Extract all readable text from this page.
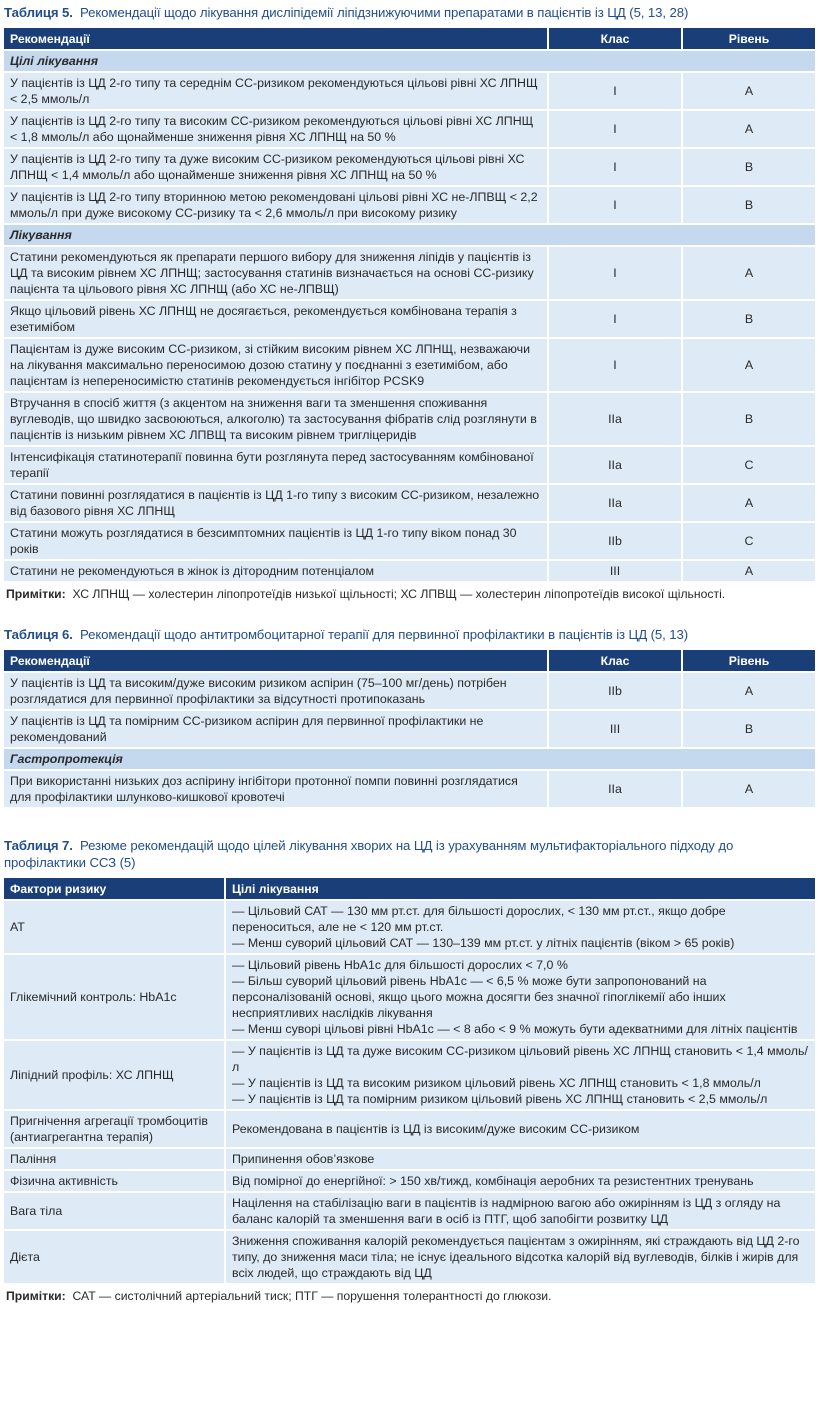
Таблиця 5. Рекомендації щодо лікування дисліпідемії ліпідзнижуючими препаратами в пацієнтів із ЦД (5, 13, 28)
Рекомендації		Клас		Рівень
Цілі лікування				
У пацієнтів із ЦД 2-го типу та середнім СС-ризиком рекомендуються цільові рівні ХС ЛПНЩ < 2,5 ммоль/л		I		A
У пацієнтів із ЦД 2-го типу та високим СС-ризиком рекомендуються цільові рівні ХС ЛПНЩ < 1,8 ммоль/л або щонайменше зниження рівня ХС ЛПНЩ на 50 %		I		A
У пацієнтів із ЦД 2-го типу та дуже високим СС-ризиком рекомендуються цільові рівні ХС ЛПНЩ < 1,4 ммоль/л або щонайменше зниження рівня ХС ЛПНЩ на 50 %		I		B
У пацієнтів із ЦД 2-го типу вторинною метою рекомендовані цільові рівні ХС не-ЛПВЩ < 2,2 ммоль/л при дуже високому СС-ризику та < 2,6 ммоль/л при високому ризику		I		B
Лікування				
Статини рекомендуються як препарати першого вибору для зниження ліпідів у пацієнтів із ЦД та високим рівнем ХС ЛПНЩ; застосування статинів визначається на основі СС-ризику пацієнта та цільового рівня ХС ЛПНЩ (або ХС не-ЛПВЩ)		I		A
Якщо цільовий рівень ХС ЛПНЩ не досягається, рекомендується комбінована терапія з езетимібом		I		B
Пацієнтам із дуже високим СС-ризиком, зі стійким високим рівнем ХС ЛПНЩ, незважаючи на лікування максимально переносимою дозою статину у поєднанні з езетимібом, або пацієнтам із непереносимістю статинів рекомендується інгібітор PCSK9		I		A
Втручання в спосіб життя (з акцентом на зниження ваги та зменшення споживання вуглеводів, що швидко засвоюються, алкоголю) та застосування фібратів слід розглянути в пацієнтів із низьким рівнем ХС ЛПВЩ та високим рівнем тригліцеридів		IIa		B
Інтенсифікація статинотерапії повинна бути розглянута перед застосуванням комбінованої терапії		IIa		C
Статини повинні розглядатися в пацієнтів із ЦД 1-го типу з високим СС-ризиком, незалежно від базового рівня ХС ЛПНЩ		IIa		A
Статини можуть розглядатися в безсимптомних пацієнтів із ЦД 1-го типу віком понад 30 років		IIb		C
Статини не рекомендуються в жінок із дітородним потенціалом		III		A
Примітки: ХС ЛПНЩ — холестерин ліпопротеїдів низької щільності; ХС ЛПВЩ — холестерин ліпопротеїдів високої щільності.
Таблиця 6. Рекомендації щодо антитромбоцитарної терапії для первинної профілактики в пацієнтів із ЦД (5, 13)
Рекомендації		Клас		Рівень
У пацієнтів із ЦД та високим/дуже високим ризиком аспірин (75–100 мг/день) потрібен розглядатися для первинної профілактики за відсутності протипоказань		IIb		A
У пацієнтів із ЦД та помірним СС-ризиком аспірин для первинної профілактики не рекомендований		III		B
Гастропротекція				
При використанні низьких доз аспірину інгібітори протонної помпи повинні розглядатися для профілактики шлунково-кишкової кровотечі		IIa		A
Таблиця 7. Резюме рекомендацій щодо цілей лікування хворих на ЦД із урахуванням мультифакторіального підходу до профілактики ССЗ (5)
Фактори ризику		Цілі лікування
АТ		— Цільовий САТ — 130 мм рт.ст. для більшості дорослих, < 130 мм рт.ст., якщо добре переноситься, але не < 120 мм рт.ст.
— Менш суворий цільовий САТ — 130–139 мм рт.ст. у літніх пацієнтів (віком > 65 років)
Глікемічний контроль: HbA1c		— Цільовий рівень HbA1c для більшості дорослих < 7,0 %
— Більш суворий цільовий рівень HbA1c — < 6,5 % може бути запропонований на персоналізованій основі, якщо цього можна досягти без значної гіпоглікемії або інших несприятливих наслідків лікування
— Менш суворі цільові рівні HbA1c — < 8 або < 9 % можуть бути адекватними для літніх пацієнтів
Ліпідний профіль: ХС ЛПНЩ		— У пацієнтів із ЦД та дуже високим СС-ризиком цільовий рівень ХС ЛПНЩ становить < 1,4 ммоль/л
— У пацієнтів із ЦД та високим ризиком цільовий рівень ХС ЛПНЩ становить < 1,8 ммоль/л
— У пацієнтів із ЦД та помірним ризиком цільовий рівень ХС ЛПНЩ становить < 2,5 ммоль/л
Пригнічення агрегації тромбоцитів (антиагрегантна терапія)		Рекомендована в пацієнтів із ЦД із високим/дуже високим СС-ризиком
Паління		Припинення обов’язкове
Фізична активність		Від помірної до енергійної: > 150 хв/тижд, комбінація аеробних та резистентних тренувань
Вага тіла		Націлення на стабілізацію ваги в пацієнтів із надмірною вагою або ожирінням із ЦД з огляду на баланс калорій та зменшення ваги в осіб із ПТГ, щоб запобігти розвитку ЦД
Дієта		Зниження споживання калорій рекомендується пацієнтам з ожирінням, які страждають від ЦД 2-го типу, до зниження маси тіла; не існує ідеального відсотка калорій від вуглеводів, білків і жирів для всіх людей, що страждають від ЦД
Примітки: САТ — систолічний артеріальний тиск; ПТГ — порушення толерантності до глюкози.
